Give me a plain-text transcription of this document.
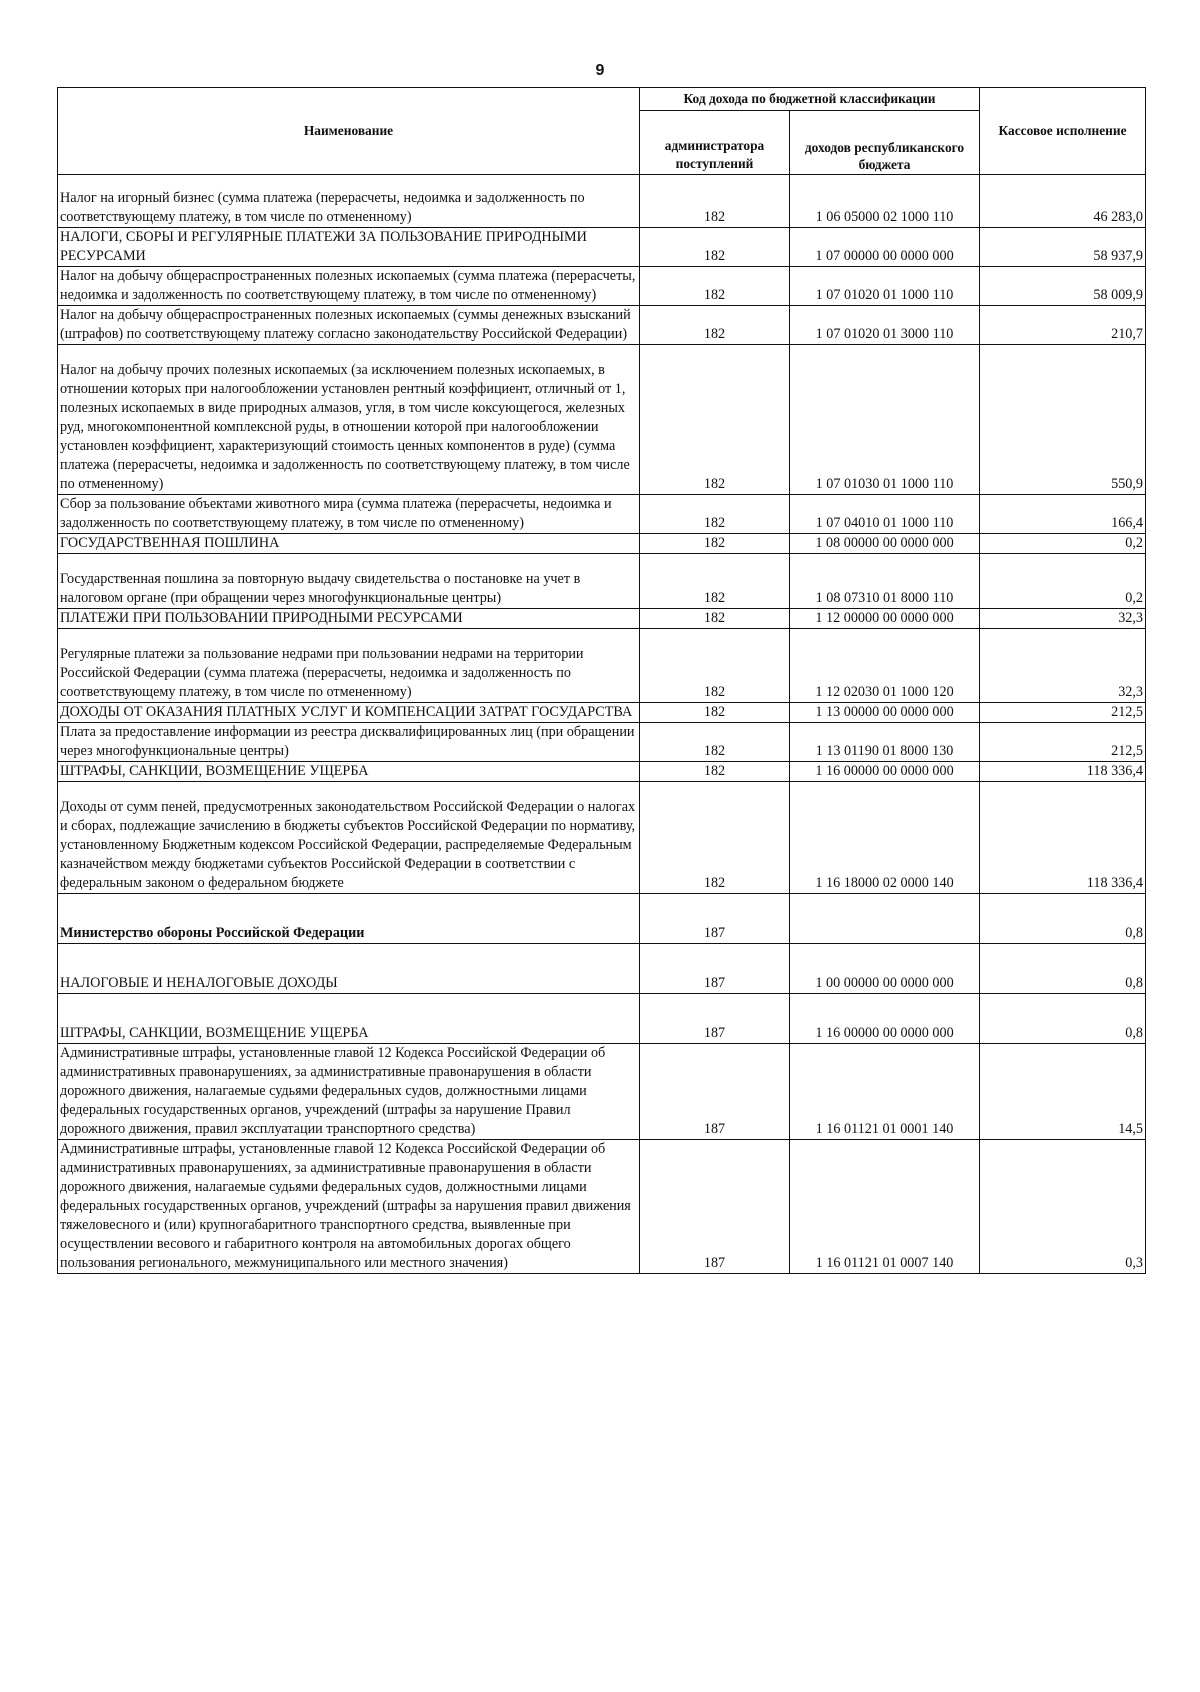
9
Наименование	Код дохода по бюджетной классификации		Кассовое исполнение
	администратора поступлений	доходов республиканского бюджета	
Налог на игорный бизнес (сумма платежа (перерасчеты, недоимка и задолженность по соответствующему платежу, в том числе по отмененному)	182	1 06 05000 02 1000 110	46 283,0
НАЛОГИ, СБОРЫ И РЕГУЛЯРНЫЕ ПЛАТЕЖИ ЗА ПОЛЬЗОВАНИЕ ПРИРОДНЫМИ РЕСУРСАМИ	182	1 07 00000 00 0000 000	58 937,9
Налог на добычу общераспространенных полезных ископаемых (сумма платежа (перерасчеты, недоимка и задолженность по соответствующему платежу, в том числе по отмененному)	182	1 07 01020 01 1000 110	58 009,9
Налог на добычу общераспространенных полезных ископаемых (суммы денежных взысканий (штрафов) по соответствующему платежу согласно законодательству Российской Федерации)	182	1 07 01020 01 3000 110	210,7
Налог на добычу прочих полезных ископаемых (за исключением полезных ископаемых, в отношении которых при налогообложении установлен рентный коэффициент, отличный от 1, полезных ископаемых в виде природных алмазов, угля, в том числе коксующегося, железных руд, многокомпонентной комплексной руды, в отношении которой при налогообложении установлен коэффициент, характеризующий стоимость ценных компонентов в руде) (сумма платежа (перерасчеты, недоимка и задолженность по соответствующему платежу, в том числе по отмененному)	182	1 07 01030 01 1000 110	550,9
Сбор за пользование объектами животного мира (сумма платежа (перерасчеты, недоимка и задолженность по соответствующему платежу, в том числе по отмененному)	182	1 07 04010 01 1000 110	166,4
ГОСУДАРСТВЕННАЯ ПОШЛИНА	182	1 08 00000 00 0000 000	0,2
Государственная пошлина за повторную выдачу свидетельства о постановке на учет в налоговом органе (при обращении через многофункциональные центры)	182	1 08 07310 01 8000 110	0,2
ПЛАТЕЖИ ПРИ ПОЛЬЗОВАНИИ ПРИРОДНЫМИ РЕСУРСАМИ	182	1 12 00000 00 0000 000	32,3
Регулярные платежи за пользование недрами при пользовании недрами на территории Российской Федерации (сумма платежа (перерасчеты, недоимка и задолженность по соответствующему платежу, в том числе по отмененному)	182	1 12 02030 01 1000 120	32,3
ДОХОДЫ ОТ ОКАЗАНИЯ ПЛАТНЫХ УСЛУГ И КОМПЕНСАЦИИ ЗАТРАТ ГОСУДАРСТВА	182	1 13 00000 00 0000 000	212,5
Плата за предоставление информации из реестра дисквалифицированных лиц (при обращении через многофункциональные центры)	182	1 13 01190 01 8000 130	212,5
ШТРАФЫ, САНКЦИИ, ВОЗМЕЩЕНИЕ УЩЕРБА	182	1 16 00000 00 0000 000	118 336,4
Доходы от сумм пеней, предусмотренных законодательством Российской Федерации о налогах и сборах, подлежащие зачислению в бюджеты субъектов Российской Федерации по нормативу, установленному Бюджетным кодексом Российской Федерации, распределяемые Федеральным казначейством между бюджетами субъектов Российской Федерации в соответствии с федеральным законом о федеральном бюджете	182	1 16 18000 02 0000 140	118 336,4
Министерство обороны Российской Федерации	187		0,8
НАЛОГОВЫЕ И НЕНАЛОГОВЫЕ ДОХОДЫ	187	1 00 00000 00 0000 000	0,8
ШТРАФЫ, САНКЦИИ, ВОЗМЕЩЕНИЕ УЩЕРБА	187	1 16 00000 00 0000 000	0,8
Административные штрафы, установленные главой 12 Кодекса Российской Федерации об административных правонарушениях, за административные правонарушения в области дорожного движения, налагаемые судьями федеральных судов, должностными лицами федеральных государственных органов, учреждений (штрафы за нарушение Правил дорожного движения, правил эксплуатации транспортного средства)	187	1 16 01121 01 0001 140	14,5
Административные штрафы, установленные главой 12 Кодекса Российской Федерации об административных правонарушениях, за административные правонарушения в области дорожного движения, налагаемые судьями федеральных судов, должностными лицами федеральных государственных органов, учреждений (штрафы за нарушения правил движения тяжеловесного и (или) крупногабаритного транспортного средства, выявленные при осуществлении весового и габаритного контроля на автомобильных дорогах общего пользования регионального, межмуниципального или местного значения)	187	1 16 01121 01 0007 140	0,3
